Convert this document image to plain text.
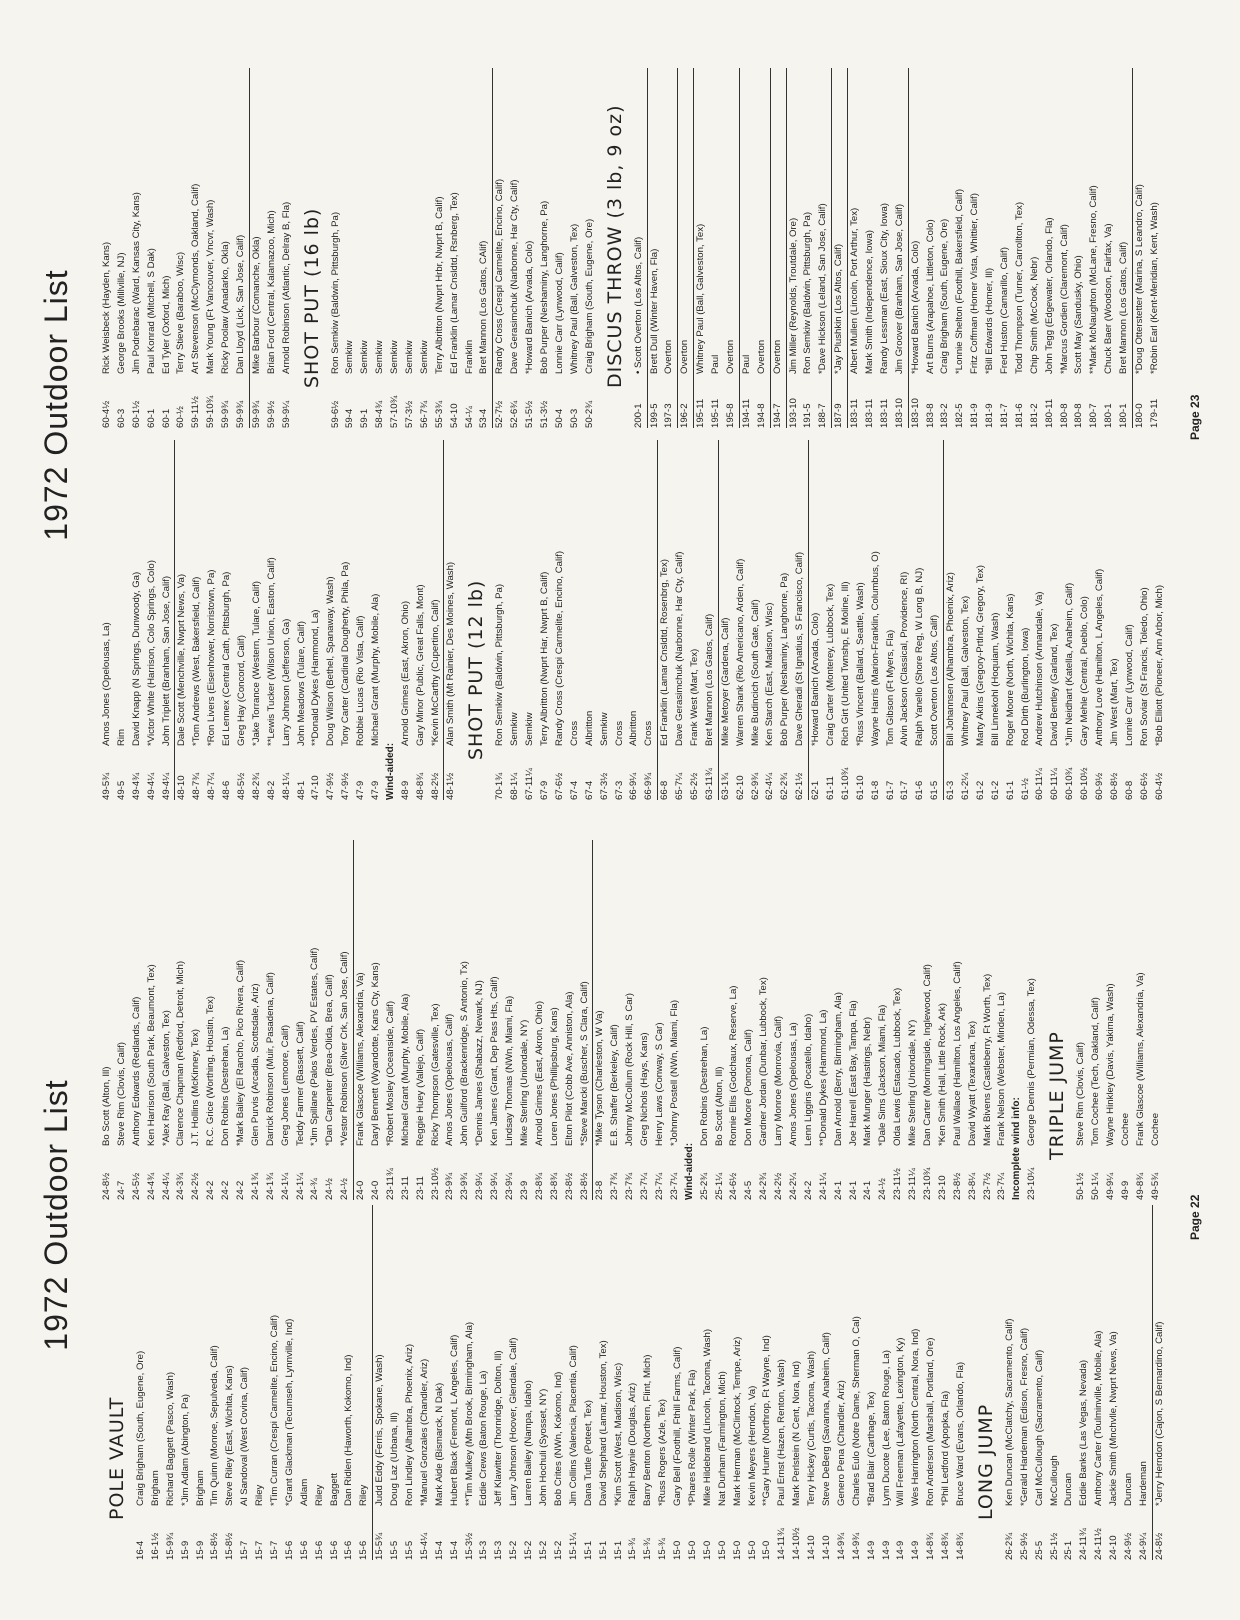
1972 Outdoor List
POLE VAULT
16-4
Craig Brigham (South, Eugene, Ore)
16-1½
Brigham
15-9¾
Richard Baggett (Pasco, Wash)
15-9
*Jim Adlam (Abington, Pa)
15-9
Brigham
15-8½
Tim Quinn (Monroe, Sepulveda, Calif)
15-8½
Steve Riley (East, Wichita, Kans)
15-7
Al Sandoval (West Covina, Calif)
15-7
Riley
15-7
*Tim Curran (Crespi Carmelite, Encino, Calif)
15-6
*Grant Glackman (Tecumseh, Lynnville, Ind)
15-6
Adlam
15-6
Riley
15-6
Baggett
15-6
Dan Ridlen (Haworth, Kokomo, Ind)
15-6
Riley
15-5¾
Judd Eddy (Ferris, Spokane, Wash)
15-5
Doug Laz (Urbana, Ill)
15-5
Ron Lindley (Alhambra, Phoenix, Ariz)
15-4¼
*Manuel Gonzales (Chandler, Ariz)
15-4
Mark Aide (Bismarck, N Dak)
15-4
Hubert Black (Fremont, L Angeles, Calif)
15-3½
**Tim Mulkey (Mtn Brook, Birmingham, Ala)
15-3
Eddie Crews (Baton Rouge, La)
15-3
Jeff Klawitter (Thornridge, Dolton, Ill)
15-2
Larry Johnson (Hoover, Glendale, Calif)
15-2
Larren Bailey (Nampa, Idaho)
15-2
John Hochuli (Syosset, NY)
15-2
Bob Crites (NWn, Kokomo, Ind)
15-1¼
Jim Collins (Valencia, Placentia, Calif)
15-1
Dana Tuttle (Poteet, Tex)
15-1
David Shephard (Lamar, Houston, Tex)
15-1
*Kim Scott (West, Madison, Wisc)
15-¾
Ralph Haynie (Douglas, Ariz)
15-¾
Barry Benton (Northern, Flint, Mich)
15-¾
*Russ Rogers (Azle, Tex)
15-0
Gary Bell (Foothill, Fthill Farms, Calif)
15-0
*Phares Rolle (Winter Park, Fla)
15-0
Mike Hildebrand (Lincoln, Tacoma, Wash)
15-0
Nat Durham (Farmington, Mich)
15-0
Mark Herman (McClintock, Tempe, Ariz)
15-0
Kevin Meyers (Herndon, Va)
15-0
**Gary Hunter (Northrop, Ft Wayne, Ind)
14-11¾
Paul Ernst (Hazen, Renton, Wash)
14-10½
Mark Perlstein (N Cent, Nora, Ind)
14-10
Terry Hickey (Curtis, Tacoma, Wash)
14-10
Steve DeBerg (Savanna, Anaheim, Calif)
14-9¾
Genero Pena (Chandler, Ariz)
14-9¾
Charles Eulo (Notre Dame, Sherman O, Cal)
14-9
*Brad Blair (Carthage, Tex)
14-9
Lynn Ducote (Lee, Baton Rouge, La)
14-9
Will Freeman (Lafayette, Lexington, Ky)
14-9
Wes Harrington (North Central, Nora, Ind)
14-8¾
Ron Anderson (Marshall, Portland, Ore)
14-8¾
*Phil Ledford (Apopka, Fla)
14-8¾
Bruce Ward (Evans, Orlando, Fla) LONG JUMP
26-2¾
Ken Duncan (McClatchy, Sacramento, Calif)
25-9½
*Gerald Hardeman (Edison, Fresno, Calif)
25-5
Carl McCullough (Sacramento, Calif)
25-1½
McCullough
25-1
Duncan
24-11¾
Eddie Banks (Las Vegas, Nevada)
24-11½
Anthony Carter (Toulminville, Mobile, Ala)
24-10
Jackie Smith (Mnchvlle, Nwprt News, Va)
24-9½
Duncan
24-9¼
Hardeman
24-8½
*Jerry Herndon (Cajon, S Bernardino, Calif)
24-8½
Bo Scott (Alton, Ill)
24-7
Steve Rim (Clovis, Calif)
24-5½
Anthony Edwards (Redlands, Calif)
24-4¾
Ken Harrison (South Park, Beaumont, Tex)
24-4¼
*Alex Ray (Ball, Galveston, Tex)
24-3¾
Clarence Chapman (Redford, Detroit, Mich)
24-2½
J.T. Hollins (McKinney, Tex)
24-2
R.C. Grice (Worthing, Houstin, Tex)
24-2
Don Robins (Destrehan, La)
24-2
*Mark Bailey (El Rancho, Pico Rivera, Calif)
24-1¾
Glen Purvis (Arcadia, Scottsdale, Ariz)
24-1¾
Darrick Robinson (Muir, Pasadena, Calif)
24-1¼
Greg Jones (Lemoore, Calif)
24-1¼
Teddy Farmer (Bassett, Calif)
24-¾
*Jim Spillane (Palos Verdes, PV Estates, Calif)
24-½
*Dan Carpenter (Brea-Olida, Brea, Calif)
24-½
*Vestor Robinson (Silver Crk, San Jose, Calif)
24-0
Frank Glascoe (Williams, Alexandria, Va)
24-0
Daryl Bennett (Wyandotte, Kans Cty, Kans)
23-11¾
*Robert Mosley (Oceanside, Calif)
23-11
Michael Grant (Murphy, Mobile, Ala)
23-11
Reggie Huey (Vallejo, Calif)
23-10½
Ricky Thompson (Gatesville, Tex)
23-9¾
Amos Jones (Opelousas, Calif)
23-9¾
John Guilford (Brackenridge, S Antonio, Tx)
23-9¼
*Dennis James (Shabazz, Newark, NJ)
23-9¼
Ken James (Grant, Dep Pass Hts, Calif)
23-9¼
Lindsay Thomas (NWn, Miami, Fla)
23-9
Mike Sterling (Uniondale, NY)
23-8¾
Arnold Grimes (East, Akron, Ohio)
23-8¾
Loren Jones (Phillipsburg, Kans)
23-8½
Elton Pilot (Cobb Ave, Anniston, Ala)
23-8½
*Steve Marcki (Buscher, S Clara, Calif)
23-8
*Mike Tyson (Charleston, W Va)
23-7¾
E.B. Shaffer (Berkeley, Calif)
23-7¾
Johnny McCollum (Rock Hill, S Car)
23-7¼
Greg Nichols (Hays, Kans)
23-7¼
Henry Laws (Conway, S Car)
23-7¼
*Johnny Postell (NWn, Miami, Fla)
Wind-aided: 25-2¾
Don Robins (Destrehan, La)
25-1¼
Bo Scott (Alton, Ill)
24-6½
Ronnie Ellis (Godchaux, Reserve, La)
24-5
Don Moore (Pomona, Calif)
24-2¾
Gardner Jordan (Dunbar, Lubbock, Tex)
24-2½
Larry Monroe (Monrovia, Calif)
24-2¼
Amos Jones (Opelousas, La)
24-2
Lenn Liggins (Pocatello, Idaho)
24-1¼
**Donald Dykes (Hammond, La)
24-1
Dan Arnold (Berry, Birmingham, Ala)
24-1
Joe Harrell (East Bay, Tampa, Fla)
24-1
Mark Munger (Hastings, Nebr)
24-½
*Dale Sims (Jackson, Miami, Fla)
23-11½
Olda Lewis (Estacado, Lubbock, Tex)
23-11¼
Mike Sterling (Uniondale, NY)
23-10¾
Dan Carter (Morningside, Inglewood, Calif)
23-10
*Ken Smith (Hall, Little Rock, Ark)
23-8½
Paul Wallace (Hamilton, Los Angeles, Calif)
23-8¼
David Wyatt (Texarkana, Tex)
23-7½
Mark Bivens (Castleberry, Ft Worth, Tex)
23-7¼
Frank Nelson (Webster, Minden, La)
Incomplete wind info: 23-10¼
George Dennis (Permian, Odessa, Tex) TRIPLE JUMP
50-1½
Steve Rim (Clovis, Calif)
50-1¼
Tom Cochee (Tech, Oakland, Calif)
49-9¼
Wayne Hinkley (Davis, Yakima, Wash)
49-9
Cochee
49-8¾
Frank Glascoe (Williams, Alexandria, Va)
49-5¾
Cochee
Page 22
1972 Outdoor List
49-5¾
Amos Jones (Opelousas, La)
49-5
Rim
49-4¾
David Knapp (N Springs, Dunwoody, Ga)
49-4¼
*Victor White (Harrison, Colo Springs, Colo)
49-4¼
John Triplett (Branham, San Jose, Calif)
48-10
Dale Scott (Menchville, Nwprt News, Va)
48-7¾
*Tom Andrews (West, Bakersfield, Calif)
48-7¼
*Ron Livers (Eisenhower, Norristown, Pa)
48-6
Ed Lennex (Central Cath, Pittsburgh, Pa)
48-5½
Greg Hay (Concord, Calif)
48-2¾
*Jake Torrance (Western, Tulare, Calif)
48-2
**Lewis Tucker (Wilson Union, Easton, Calif)
48-1¼
Larry Johnson (Jefferson, Ga)
48-1
John Meadows (Tulare, Calif)
47-10
**Donald Dykes (Hammond, La)
47-9½
Doug Wilson (Bethel, Spanaway, Wash)
47-9½
Tony Carter (Cardinal Dougherty, Phila, Pa)
47-9
Robbie Lucas (Rio Vista, Calif)
47-9
Michael Grant (Murphy, Mobile, Ala)
Wind-aided: 48-9
Arnold Grimes (East, Akron, Ohio)
48-8¾
Gary Minor (Public, Great Falls, Mont)
48-2½
*Kevin McCarthy (Cupertino, Calif)
48-1½
Alan Smith (Mt Rainier, Des Moines, Wash) SHOT PUT (12 lb)
70-1¾
Ron Semkiw (Baldwin, Pittsburgh, Pa)
68-1¼
Semkiw
67-11¼
Semkiw
67-9
Terry Albritton (Nwprt Har, Nwprt B, Calif)
67-6½
Randy Cross (Crespi Carmelite, Encino, Calif)
67-4
Cross
67-4
Albritton
67-3½
Semkiw
67-3
Cross
66-9¼
Albritton
66-9¾
Cross
66-8
Ed Franklin (Lamar Cnsldtd, Rosenbrg, Tex)
65-7¼
Dave Gerasimchuk (Narbonne, Har Cty, Calif)
65-2½
Frank West (Mart, Tex)
63-11¾
Bret Mannon (Los Gatos, Calif)
63-1¾
Mike Metoyer (Gardena, Calif)
62-10
Warren Shank (Rio Americano, Arden, Calif)
62-9¾
Mike Budincich (South Gate, Calif)
62-4¼
Ken Starch (East, Madison, Wisc)
62-2¾
Bob Purper (Neshaminy, Langhorne, Pa)
62-1½
Dave Gheradi (St Ignatius, S Francisco, Calif)
62-1
*Howard Banich (Arvada, Colo)
61-11
Craig Carter (Monterey, Lubbock, Tex)
61-10¾
Rich Girt (United Twnshp, E Moline, Ill)
61-10
*Russ Vincent (Ballard, Seattle, Wash)
61-8
Wayne Harris (Marion-Franklin, Columbus, O)
61-7
Tom Gibson (Ft Myers, Fla)
61-7
Alvin Jackson (Classical, Providence, RI)
61-6
Ralph Yanello (Shore Reg, W Long B, NJ)
61-5
Scott Overton (Los Altos, Calif)
61-3
Bill Johannsen (Alhambra, Phoenix, Ariz)
61-2¼
Whitney Paul (Ball, Galveston, Tex)
61-2
Marty Akins (Gregory-Prtlnd, Gregory, Tex)
61-2
Bill Linnekohl (Hoquiam, Wash)
61-1
Roger Moore (North, Wichita, Kans)
61-½
Rod Dirth (Burlington, Iowa)
60-11¼
Andrew Hutchinson (Annandale, Va)
60-11¼
David Bentley (Garland, Tex)
60-10¾
*Jim Neidhart (Katella, Anaheim, Calif)
60-10½
Gary Mehle (Central, Pueblo, Colo)
60-9½
Anthony Love (Hamilton, L Angeles, Calif)
60-8½
Jim West (Mart, Tex)
60-8
Lonnie Carr (Lynwood, Calif)
60-6½
Ron Soviar (St Francis, Toledo, Ohio)
60-4½
*Bob Elliott (Pioneer, Ann Arbor, Mich)
60-4½
Rick Weisbeck (Hayden, Kans)
60-3
George Brooks (Millville, NJ)
60-1½
Jim Podrebarac (Ward, Kansas City, Kans)
60-1
Paul Konrad (Mitchell, S Dak)
60-1
Ed Tyler (Oxford, Mich)
60-½
Terry Stieve (Baraboo, Wisc)
59-11½
Art Stevenson (McClymonds, Oakland, Calif)
59-10¾
Mark Young (Ft Vancouver, Vncvr, Wash)
59-9¾
Ricky Poolaw (Anadarko, Okla)
59-9¾
Dan Lloyd (Lick, San Jose, Calif)
59-9¾
Mike Barbour (Comanche, Okla)
59-9½
Brian Ford (Central, Kalamazoo, Mich)
59-9¼
Arnold Robinson (Atlantic, Delray B, Fla) SHOT PUT (16 lb)
59-6½
Ron Semkiw (Baldwin, Pittsburgh, Pa)
59-4
Semkiw
59-1
Semkiw
58-4¾
Semkiw
57-10¾
Semkiw
57-3½
Semkiw
56-7¾
Semkiw
55-3¾
Terry Albritton (Nwprt Hrbr, Nwprt B, Calif)
54-10
Ed Franklin (Lamar Cnsldtd, Rsnberg, Tex)
54-¼
Franklin
53-4
Bret Mannon (Los Gatos, CAlif)
52-7½
Randy Cross (Crespi Carmelite, Encino, Calif)
52-6¾
Dave Gerasimchuk (Narbonne, Har Cty, Calif)
51-5½
*Howard Banich (Arvada, Colo)
51-3½
Bob Purper (Neshaminy, Langhorne, Pa)
50-4
Lonnie Carr (Lynwood, Calif)
50-3
Whitney Paul (Ball, Galveston, Tex)
50-2¾
Craig Brigham (South, Eugene, Ore) DISCUS THROW (3 lb, 9 oz)
200-1
• Scott Overton (Los Altos, Calif)
199-5
Brett Dull (Winter Haven, Fla)
197-3
Overton
196-2
Overton
195-11
Whitney Paul (Ball, Galveston, Tex)
195-11
Paul
195-8
Overton
194-11
Paul
194-8
Overton
194-7
Overton
193-10
Jim Miller (Reynolds, Troutdale, Ore)
191-5
Ron Semkiw (Baldwin, Pittsburgh, Pa)
188-7
*Dave Hickson (Leland, San Jose, Calif)
187-9
*Jay Plushkin (Los Altos, Calif)
183-11
Albert Mullen (Lincoln, Port Arthur, Tex)
183-11
Mark Smith (Independence, Iowa)
183-11
Randy Lessman (East, Sioux City, Iowa)
183-10
Jim Groover (Branham, San Jose, Calif)
183-10
*Howard Banich (Arvada, Colo)
183-8
Art Burns (Arapahoe, Littleton, Colo)
183-2
Craig Brigham (South, Eugene, Ore)
182-5
*Lonnie Shelton (Foothill, Bakersfield, Calif)
181-9
Fritz Coffman (Homer Vista, Whittier, Calif)
181-9
*Bill Edwards (Homer, Ill)
181-7
Fred Huston (Camarillo, Calif)
181-6
Todd Thompson (Turner, Carrollton, Tex)
181-2
Chip Smith (McCook, Nebr)
180-11
John Tegg (Edgewater, Orlando, Fla)
180-8
*Marcus Gordien (Claremont, Calif)
180-8
Scott May (Sandusky, Ohio)
180-7
**Mark McNaughton (McLane, Fresno, Calif)
180-1
Chuck Baer (Woodson, Fairfax, Va)
180-1
Bret Mannon (Los Gatos, Calif)
180-0
*Doug Otterstetter (Marina, S Leandro, Calif)
179-11
*Robin Earl (Kent-Meridian, Kent, Wash)
Page 23
